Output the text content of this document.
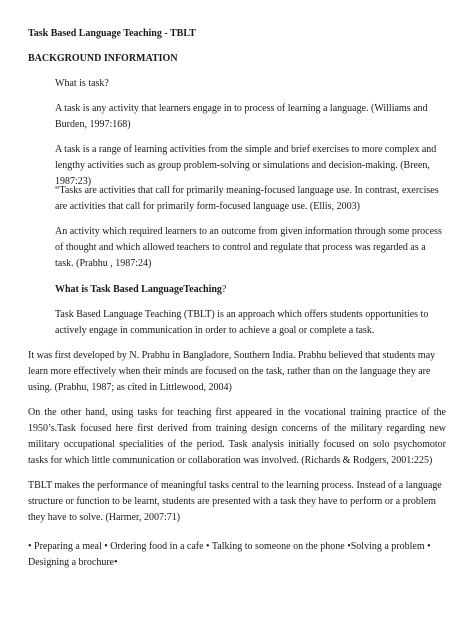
Task Based Language Teaching - TBLT

BACKGROUND INFORMATION

What is task?

A task is any activity that learners engage in to process of learning a language. (Williams and Burden, 1997:168)

A task is a range of learning activities from the simple and brief exercises to more complex and lengthy activities such as group problem-solving or simulations and decision-making. (Breen, 1987:23)

“Tasks are activities that call for primarily meaning-focused language use. In contrast, exercises are activities that call for primarily form-focused language use. (Ellis, 2003)

An activity which required learners to an outcome from given information through some process of thought and which allowed teachers to control and regulate that process was regarded as a task. (Prabhu , 1987:24)

What is Task Based LanguageTeaching?

Task Based Language Teaching (TBLT) is an approach which offers students opportunities to actively engage in communication in order to achieve a goal or complete a task.

It was first developed by N. Prabhu in Bangladore, Southern India. Prabhu believed that students may learn more effectively when their minds are focused on the task, rather than on the language they are using. (Prabhu, 1987; as cited in Littlewood, 2004)

On the other hand, using tasks for teaching first appeared in the vocational training practice of the 1950’s.Task focused here first derived from training design concerns of the military regarding new military occupational specialities of the period. Task analysis initially focused on solo psychomotor tasks for which little communication or collaboration was involved. (Richards & Rodgers, 2001:225)

TBLT makes the performance of meaningful tasks central to the learning process. Instead of a language structure or function to be learnt, students are presented with a task they have to perform or a problem they have to solve. (Harmer, 2007:71)

• Preparing a meal • Ordering food in a cafe • Talking to someone on the phone •Solving a problem •

Designing a brochure•
